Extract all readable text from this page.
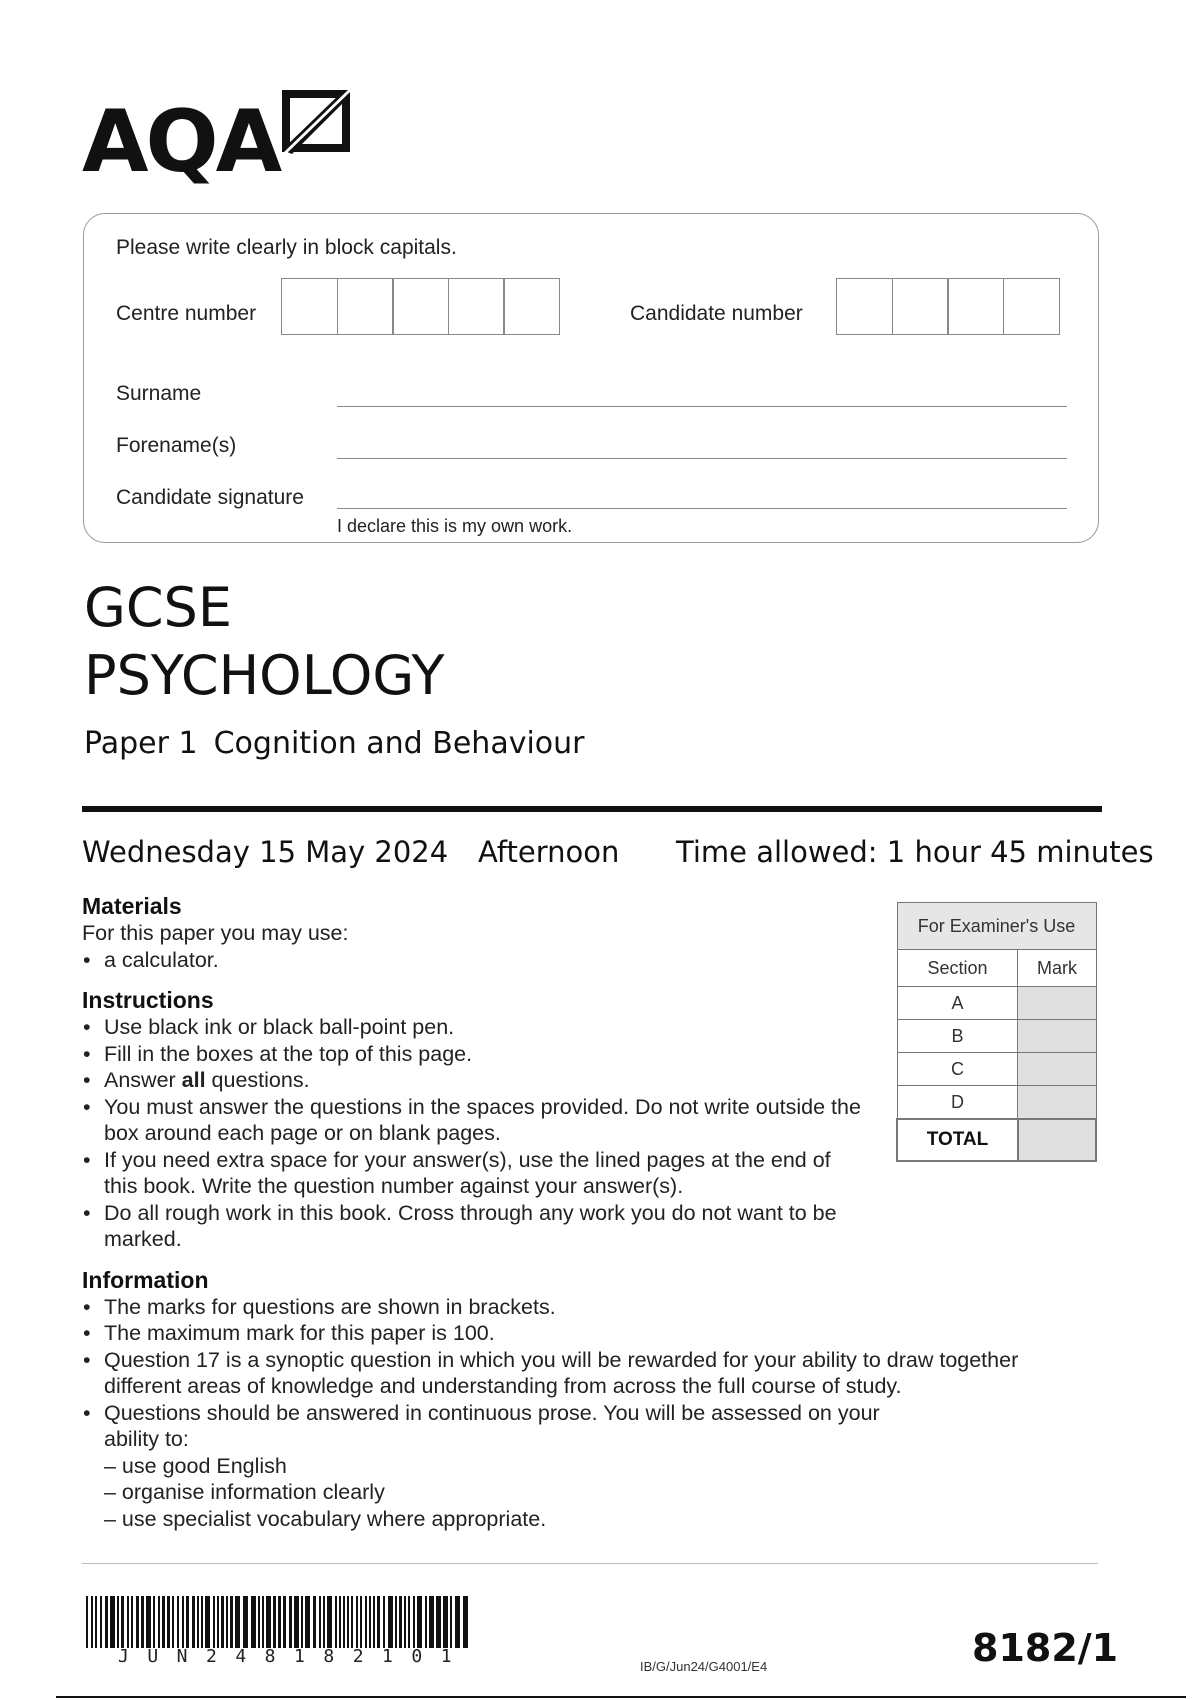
AQA
Please write clearly in block capitals.
Centre number	Candidate number
Surname
Forename(s)
Candidate signature
I declare this is my own work.
GCSE
PSYCHOLOGY
Paper 1 Cognition and Behaviour
Wednesday 15 May 2024 Afternoon Time allowed: 1 hour 45 minutes
Materials

For this paper you may use:

• a calculator.
Instructions
• Use black ink or black ball-point pen.
• Fill in the boxes at the top of this page.
• Answer all questions.
• You must answer the questions in the spaces provided. Do not write outside the box around each page or on blank pages.
• If you need extra space for your answer(s), use the lined pages at the end of this book. Write the question number against your answer(s).
• Do all rough work in this book. Cross through any work you do not want to be marked.
Information
• The marks for questions are shown in brackets.
• The maximum mark for this paper is 100.
• Question 17 is a synoptic question in which you will be rewarded for your ability to draw together different areas of knowledge and understanding from across the full course of study.
• Questions should be answered in continuous prose. You will be assessed on your ability to:
– use good English
– organise information clearly
– use specialist vocabulary where appropriate.
For Examiner's Use	
Section	Mark
A	
B	
C	
D	
TOTAL	
JUN248182101	IB/G/Jun24/G4001/E4	8182/1
